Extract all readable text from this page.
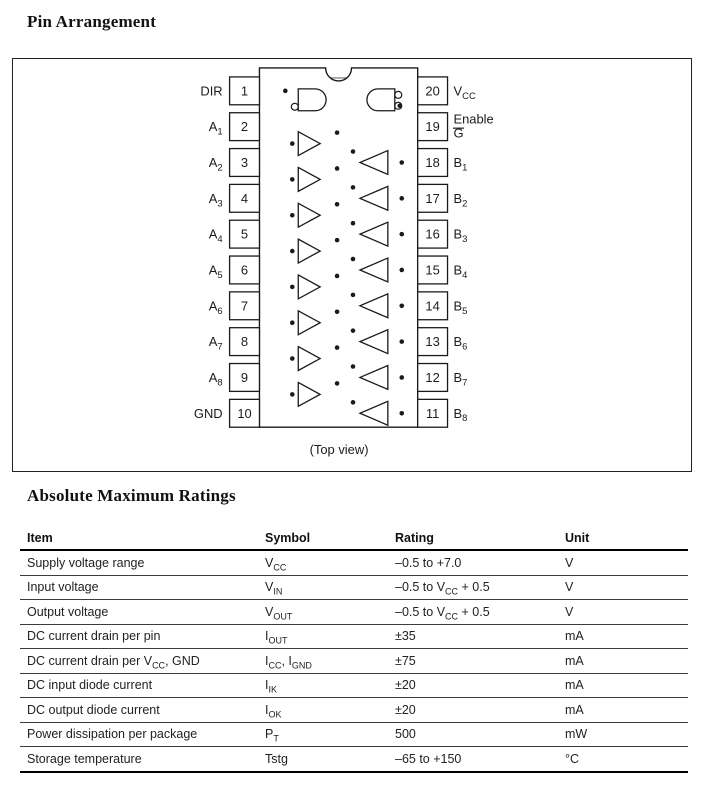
Pin Arrangement
1
2
3
4
5
6
7
8
9
10
20
19
18
17
16
15
14
13
12
11
DIR
$A_1$
$A_2$
$A_3$
$A_4$
$A_5$
$A_6$
$A_7$
$A_8$
GND
$V_{CC}$
Enable
G
$B_1$
$B_2$
$B_3$
$B_4$
$B_5$
$B_6$
$B_7$
$B_8$
(Top view)
Absolute Maximum Ratings
Item	Symbol	Rating	Unit
Supply voltage range	$V_{CC}$	–0.5 to +7.0	V
Input voltage	$V_{IN}$	–0.5 to $V_{CC} + 0.5$	V
Output voltage	$V_{OUT}$	–0.5 to $V_{CC} + 0.5$	V
DC current drain per pin	$I_{OUT}$	±35	mA
DC current drain per $V_{CC}$, GND	$I_{CC}$, $I_{GND}$	±75	mA
DC input diode current	$I_{IK}$	±20	mA
DC output diode current	$I_{OK}$	±20	mA
Power dissipation per package	$P_T$	500	mW
Storage temperature	Tstg	–65 to +150	°C
